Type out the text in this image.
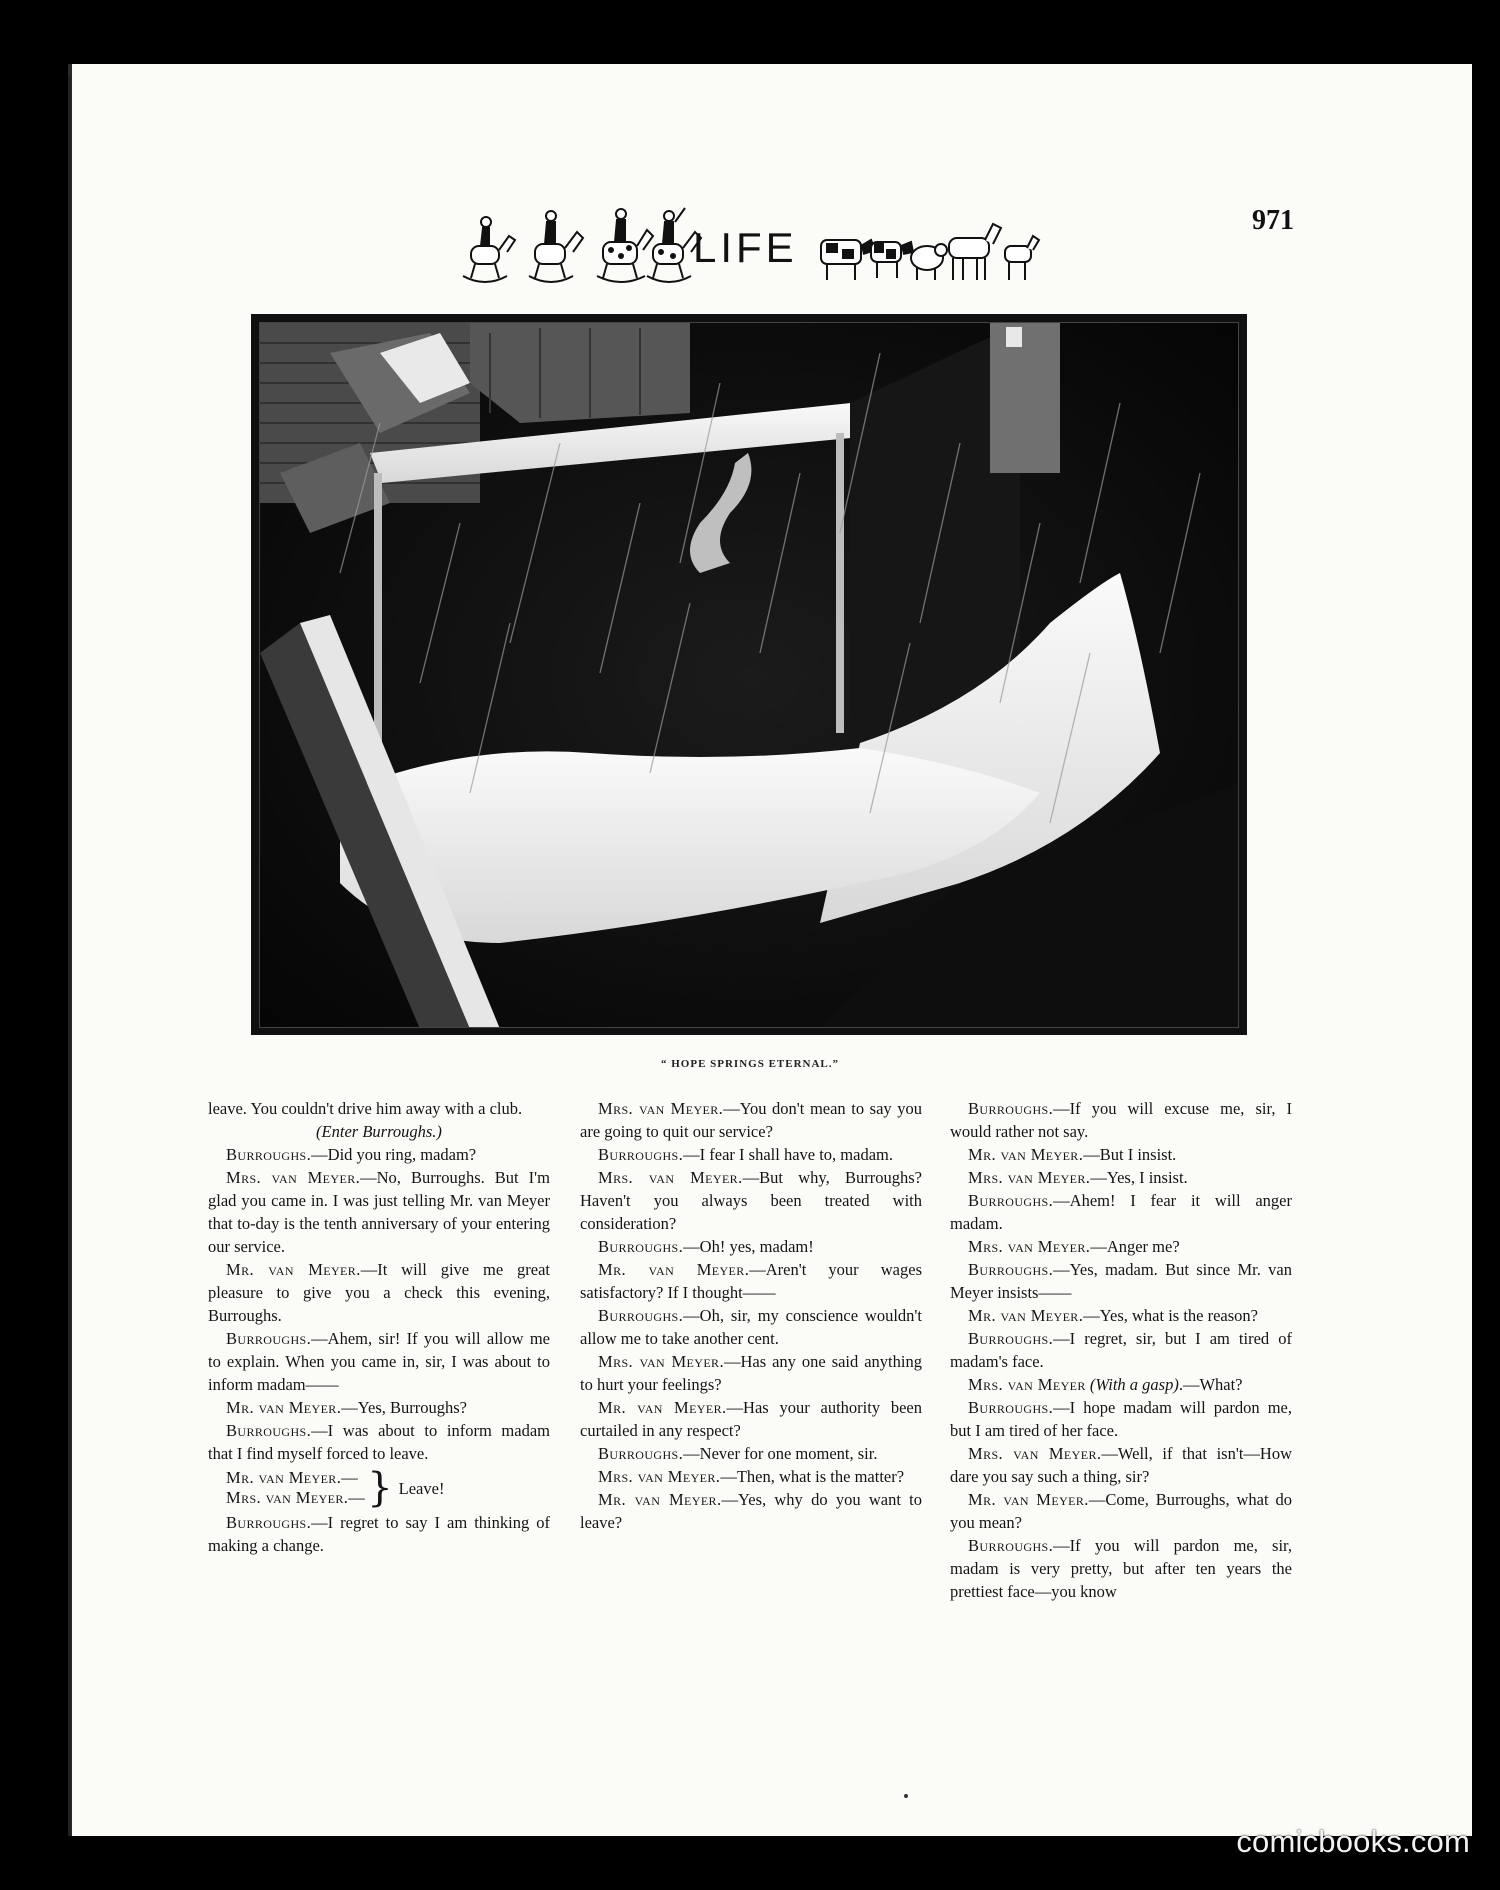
LIFE
971
“ HOPE SPRINGS ETERNAL.”

leave. You couldn't drive him away with a club.

(Enter Burroughs.)

Burroughs.—Did you ring, madam?

Mrs. van Meyer.—No, Burroughs. But I'm glad you came in. I was just telling Mr. van Meyer that to-day is the tenth anniversary of your entering our service.

Mr. van Meyer.—It will give me great pleasure to give you a check this evening, Burroughs.

Burroughs.—Ahem, sir! If you will allow me to explain. When you came in, sir, I was about to inform madam——

Mr. van Meyer.—Yes, Burroughs?

Burroughs.—I was about to inform madam that I find myself forced to leave.

Mr. van Meyer.—
Mrs. van Meyer.— } Leave!

Burroughs.—I regret to say I am thinking of making a change.

Mrs. van Meyer.—You don't mean to say you are going to quit our service?

Burroughs.—I fear I shall have to, madam.

Mrs. van Meyer.—But why, Burroughs? Haven't you always been treated with consideration?

Burroughs.—Oh! yes, madam!

Mr. van Meyer.—Aren't your wages satisfactory? If I thought——

Burroughs.—Oh, sir, my conscience wouldn't allow me to take another cent.

Mrs. van Meyer.—Has any one said anything to hurt your feelings?

Mr. van Meyer.—Has your authority been curtailed in any respect?

Burroughs.—Never for one moment, sir.

Mrs. van Meyer.—Then, what is the matter?

Mr. van Meyer.—Yes, why do you want to leave?

Burroughs.—If you will excuse me, sir, I would rather not say.

Mr. van Meyer.—But I insist.

Mrs. van Meyer.—Yes, I insist.

Burroughs.—Ahem! I fear it will anger madam.

Mrs. van Meyer.—Anger me?

Burroughs.—Yes, madam. But since Mr. van Meyer insists——

Mr. van Meyer.—Yes, what is the reason?

Burroughs.—I regret, sir, but I am tired of madam's face.

Mrs. van Meyer (With a gasp).—What?

Burroughs.—I hope madam will pardon me, but I am tired of her face.

Mrs. van Meyer.—Well, if that isn't—How dare you say such a thing, sir?

Mr. van Meyer.—Come, Burroughs, what do you mean?

Burroughs.—If you will pardon me, sir, madam is very pretty, but after ten years the prettiest face—you know

comicbooks.com
